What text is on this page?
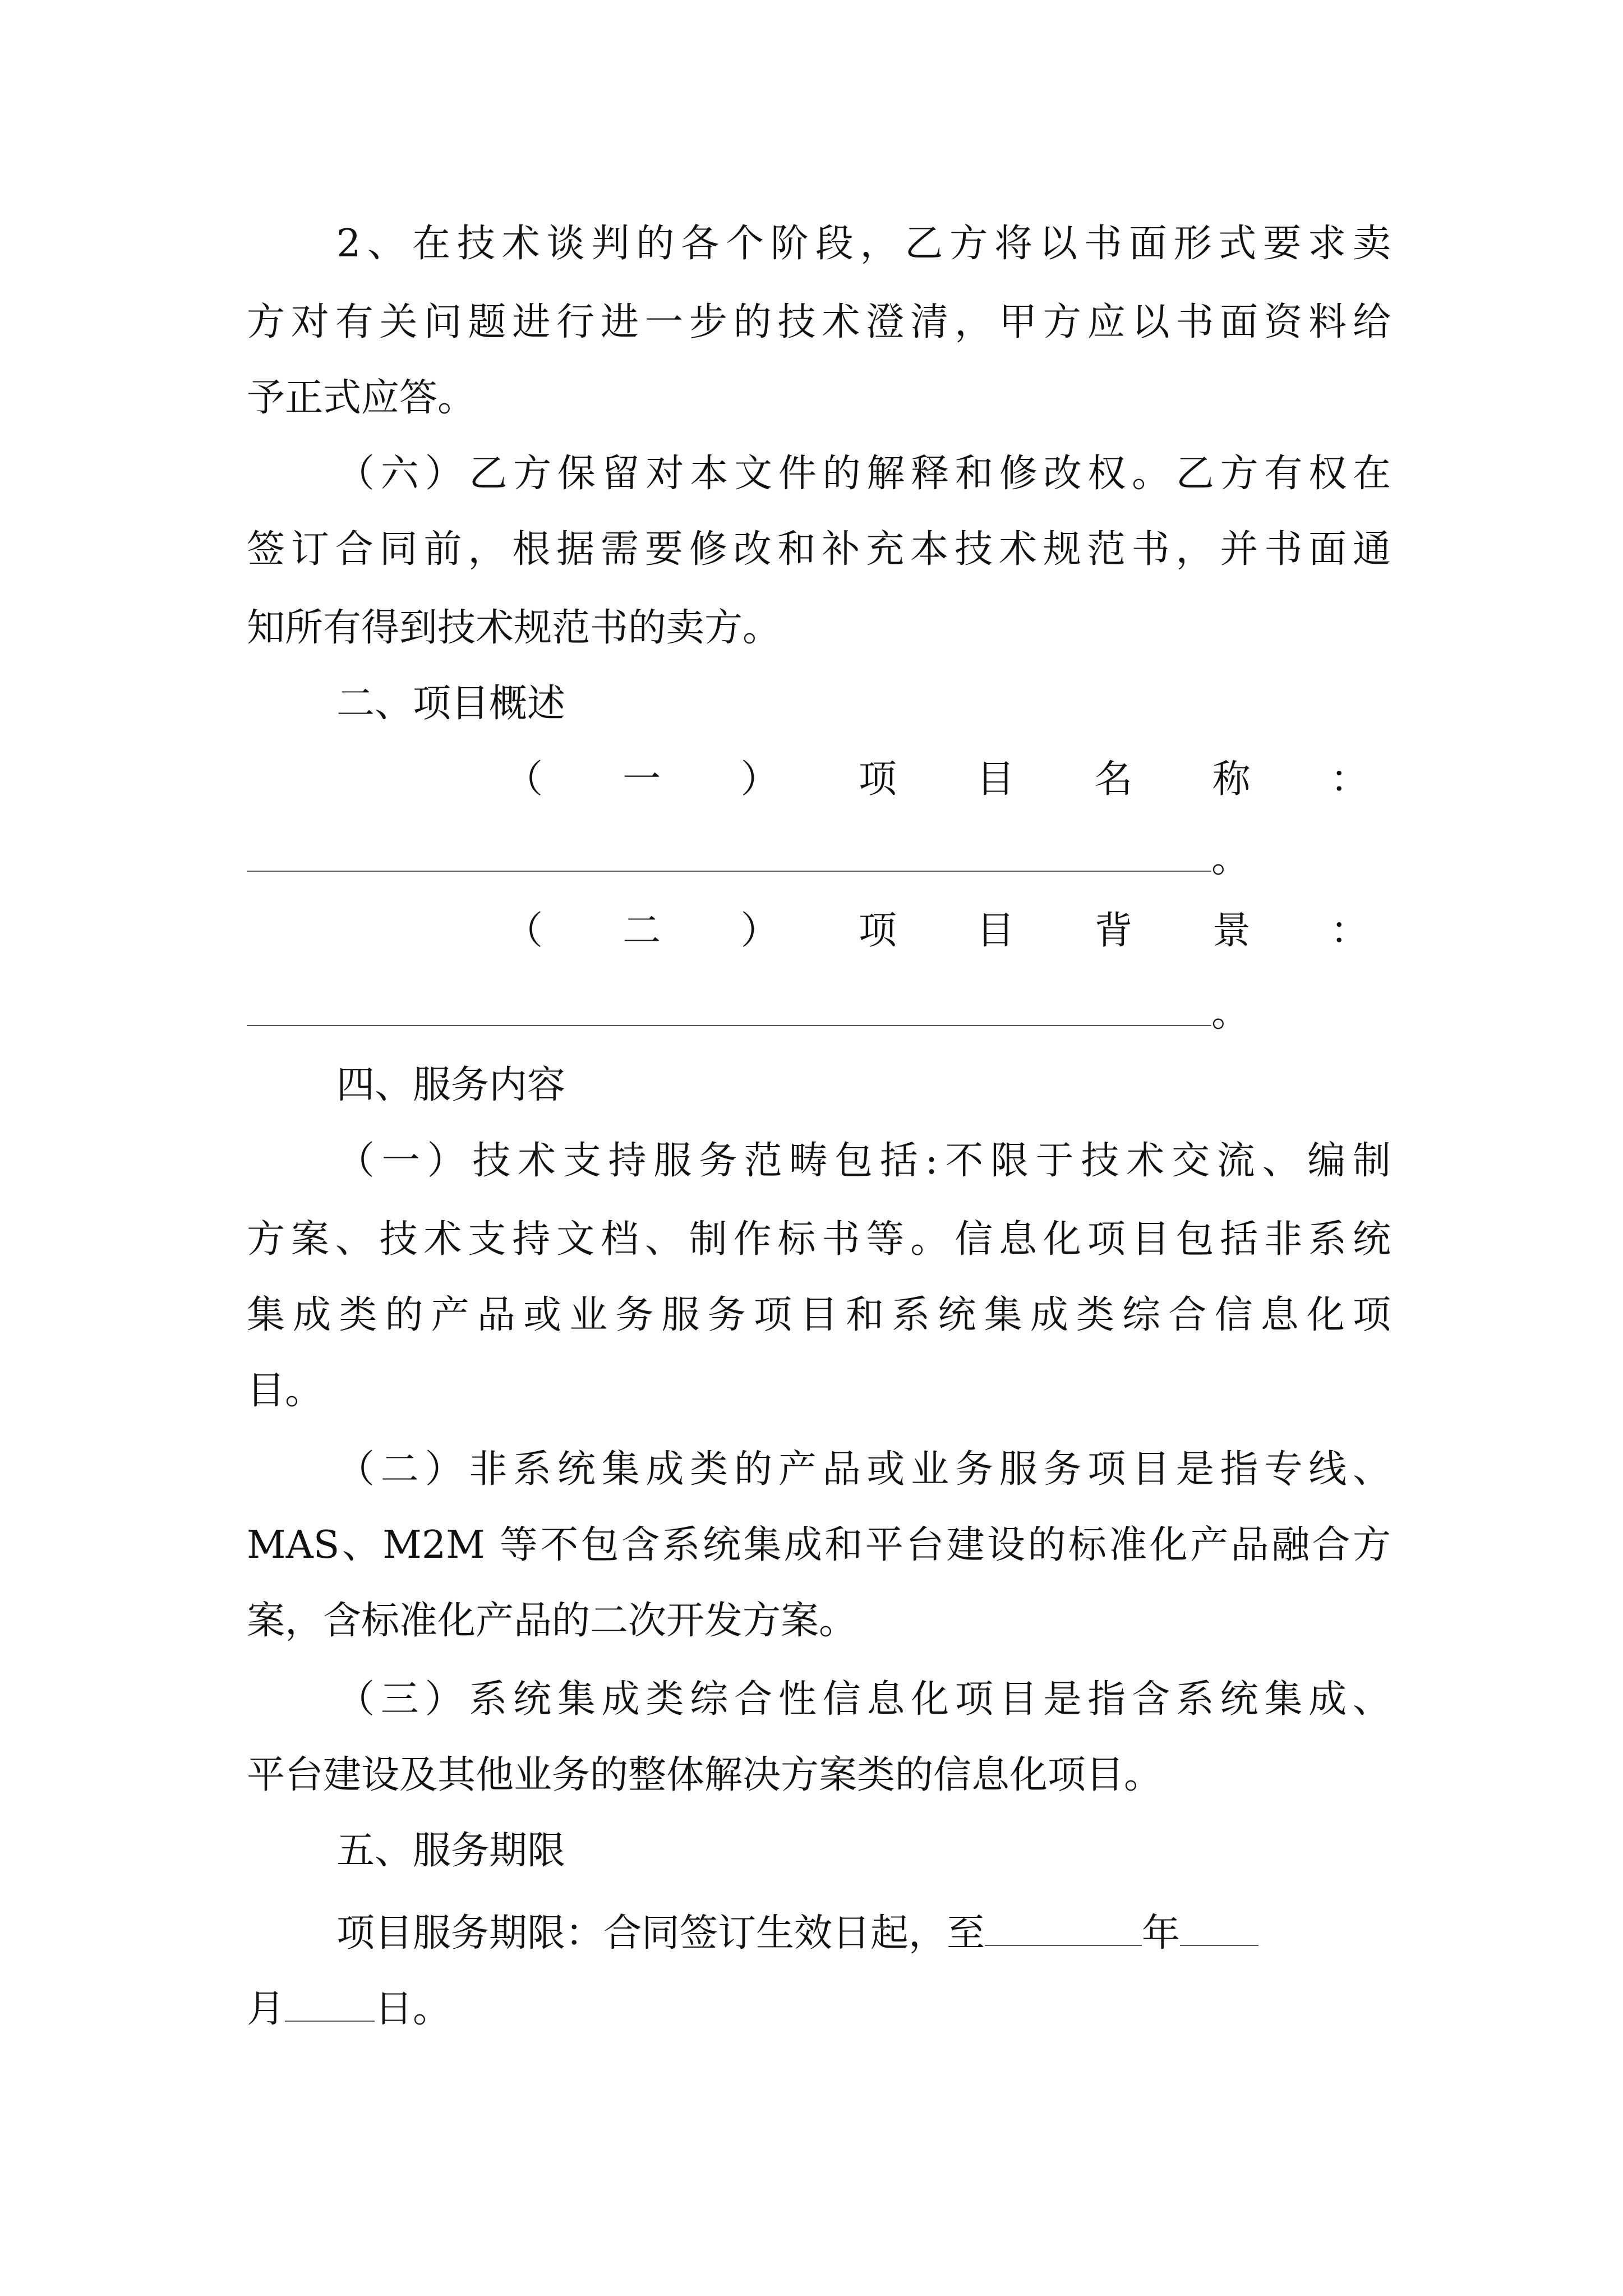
2、在技术谈判的各个阶段，乙方将以书面形式要求卖
方对有关问题进行进一步的技术澄清，甲方应以书面资料给
予正式应答。
（六）乙方保留对本文件的解释和修改权。乙方有权在
签订合同前，根据需要修改和补充本技术规范书，并书面通
知所有得到技术规范书的卖方。
二、项目概述
（ 一 ） 项 目 名 称 ：
。
（ 二 ） 项 目 背 景 ：
。
四、服务内容
（一）技术支持服务范畴包括:不限于技术交流、编制
方案、技术支持文档、制作标书等。信息化项目包括非系统
集成类的产品或业务服务项目和系统集成类综合信息化项
目。
（二）非系统集成类的产品或业务服务项目是指专线、
MAS、M2M 等不包含系统集成和平台建设的标准化产品融合方
案，含标准化产品的二次开发方案。
（三）系统集成类综合性信息化项目是指含系统集成、
平台建设及其他业务的整体解决方案类的信息化项目。
五、服务期限
项目服务期限：合同签订生效日起，至	年
月 日。
